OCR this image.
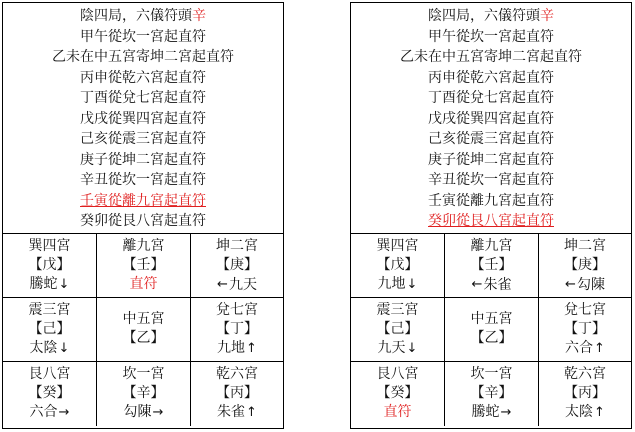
陰四局，六儀符頭辛
甲午從坎一宮起直符
乙未在中五宮寄坤二宮起直符
丙申從乾六宮起直符
丁酉從兌七宮起直符
戊戌從巽四宮起直符
己亥從震三宮起直符
庚子從坤二宮起直符
辛丑從坎一宮起直符
壬寅從離九宮起直符
癸卯從艮八宮起直符
巽四宮
【戊】
騰蛇 ↓
離九宮
【壬】
直符
坤二宮
【庚】
← 九天
震三宮
【己】
太陰 ↓
中五宮
【乙】
兌七宮
【丁】
九地 ↑
艮八宮
【癸】
六合 →
坎一宮
【辛】
勾陳 →
乾六宮
【丙】
朱雀 ↑
陰四局，六儀符頭辛
甲午從坎一宮起直符
乙未在中五宮寄坤二宮起直符
丙申從乾六宮起直符
丁酉從兌七宮起直符
戊戌從巽四宮起直符
己亥從震三宮起直符
庚子從坤二宮起直符
辛丑從坎一宮起直符
壬寅從離九宮起直符
癸卯從艮八宮起直符
巽四宮
【戊】
九地 ↓
離九宮
【壬】
← 朱雀
坤二宮
【庚】
← 勾陳
震三宮
【己】
九天 ↓
中五宮
【乙】
兌七宮
【丁】
六合 ↑
艮八宮
【癸】
直符
坎一宮
【辛】
騰蛇 →
乾六宮
【丙】
太陰 ↑
